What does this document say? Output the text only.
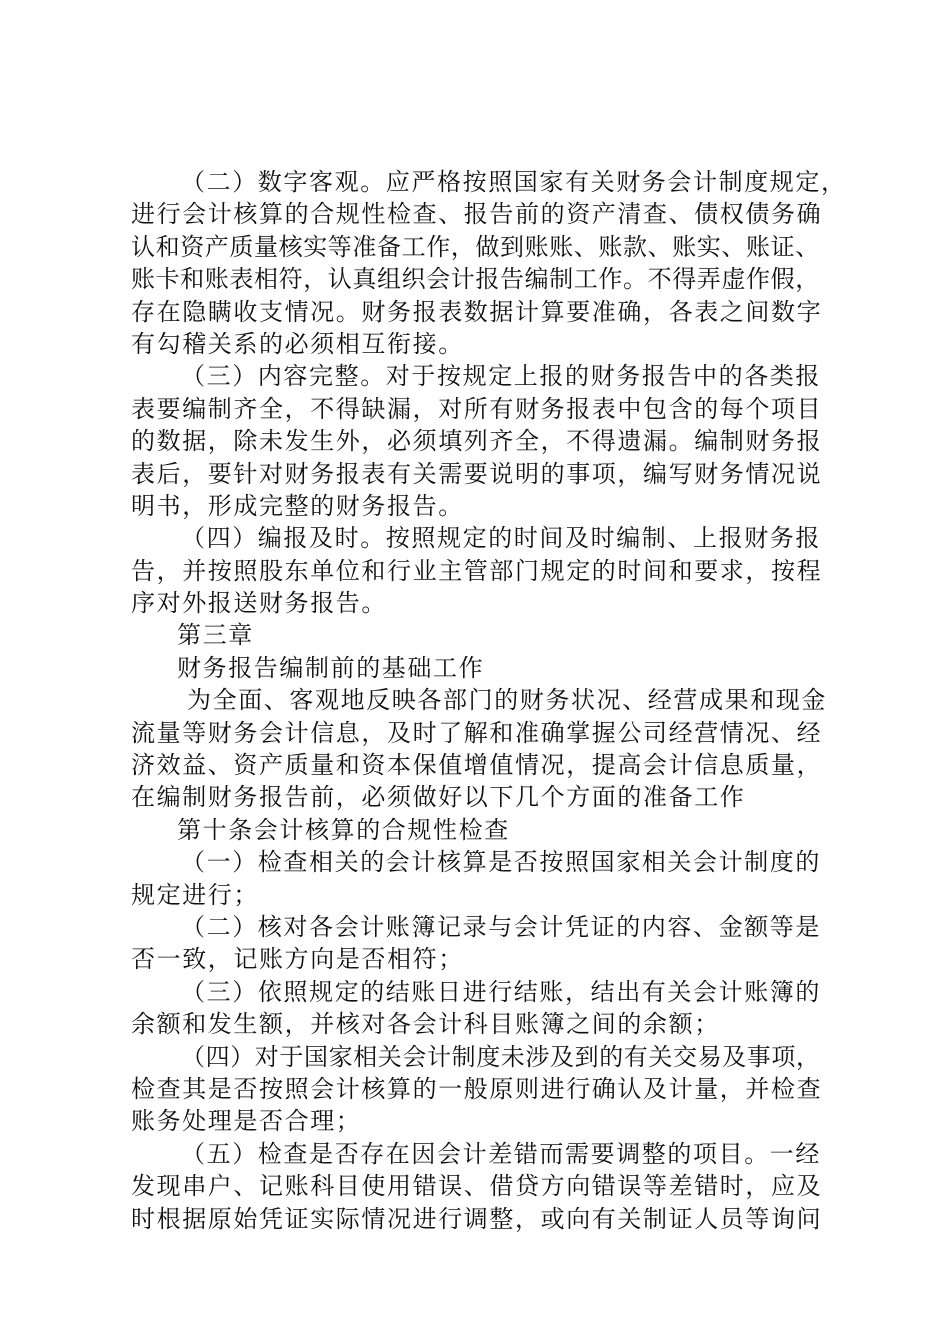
（二）数字客观。应严格按照国家有关财务会计制度规定，
进行会计核算的合规性检查、报告前的资产清查、债权债务确
认和资产质量核实等准备工作，做到账账、账款、账实、账证、
账卡和账表相符，认真组织会计报告编制工作。不得弄虚作假，
存在隐瞒收支情况。财务报表数据计算要准确，各表之间数字
有勾稽关系的必须相互衔接。
（三）内容完整。对于按规定上报的财务报告中的各类报
表要编制齐全，不得缺漏，对所有财务报表中包含的每个项目
的数据，除未发生外，必须填列齐全，不得遗漏。编制财务报
表后，要针对财务报表有关需要说明的事项，编写财务情况说
明书，形成完整的财务报告。
（四）编报及时。按照规定的时间及时编制、上报财务报
告，并按照股东单位和行业主管部门规定的时间和要求，按程
序对外报送财务报告。
第三章
财务报告编制前的基础工作
为全面、客观地反映各部门的财务状况、经营成果和现金
流量等财务会计信息，及时了解和准确掌握公司经营情况、经
济效益、资产质量和资本保值增值情况，提高会计信息质量，
在编制财务报告前，必须做好以下几个方面的准备工作
第十条会计核算的合规性检查
（一）检查相关的会计核算是否按照国家相关会计制度的
规定进行；
（二）核对各会计账簿记录与会计凭证的内容、金额等是
否一致，记账方向是否相符；
（三）依照规定的结账日进行结账，结出有关会计账簿的
余额和发生额，并核对各会计科目账簿之间的余额；
（四）对于国家相关会计制度未涉及到的有关交易及事项，
检查其是否按照会计核算的一般原则进行确认及计量，并检查
账务处理是否合理；
（五）检查是否存在因会计差错而需要调整的项目。一经
发现串户、记账科目使用错误、借贷方向错误等差错时，应及
时根据原始凭证实际情况进行调整，或向有关制证人员等询问
